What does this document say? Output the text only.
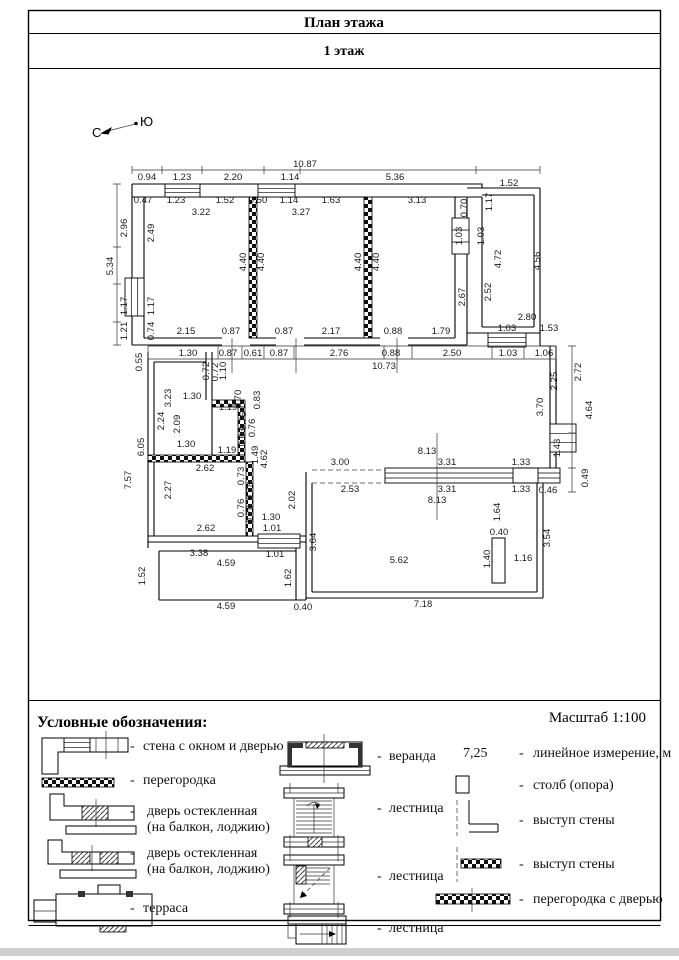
План этажа
1 этаж
С
Ю
10.87
0.94 1.23	2.20	1.14	5.36
1.52
0.47 1.23	1.52 0.50 1.14 1.63	3.13
3.22	3.27	0.70 1.17
2.96 2.49	1.03 1.03
4.72	4.56
5.34	4.40 4.40	4.40 4.40
1.17 1.17	2.67 2.52
1.21 0.74 2.15	0.87	0.87	2.17	0.88	1.79
2.80
1.03 1.53
1.30 0.87 0.61 0.87	2.76	0.88	2.50	1.03 1.06
10.73
0.55	0.72
0.72
1.10
1.30
1.19
3.23
2.24 2.09
0.70 0.83
0.76
0.76
0.63
1.30
1.19 1.49
4.62
2.62 0.73
0.78
2.27
0.76
0.76
6.05
7.57
1.30
1.01
2.62
2.02
1.01
3.38
4.59
1.52	1.62
4.59	0.40	7.18
5.62
3.64
8.13
3.00	3.31	1.33
2.53	3.31	1.33 0.46
8.13
1.64
0.40
1.40 1.16
3.54
2.25 2.72
3.70	4.64
1.43
0.49
Условные обозначения:	Масштаб 1:100
- стена с окном и дверью
- перегородка
- дверь остекленная
(на балкон, лоджию)
- дверь остекленная
(на балкон, лоджию)
- терраса
- веранда
- лестница
- лестница
- лестница
7,25 - линейное измерение, м
- столб (опора)
- выступ стены
- выступ стены
- перегородка с дверью
